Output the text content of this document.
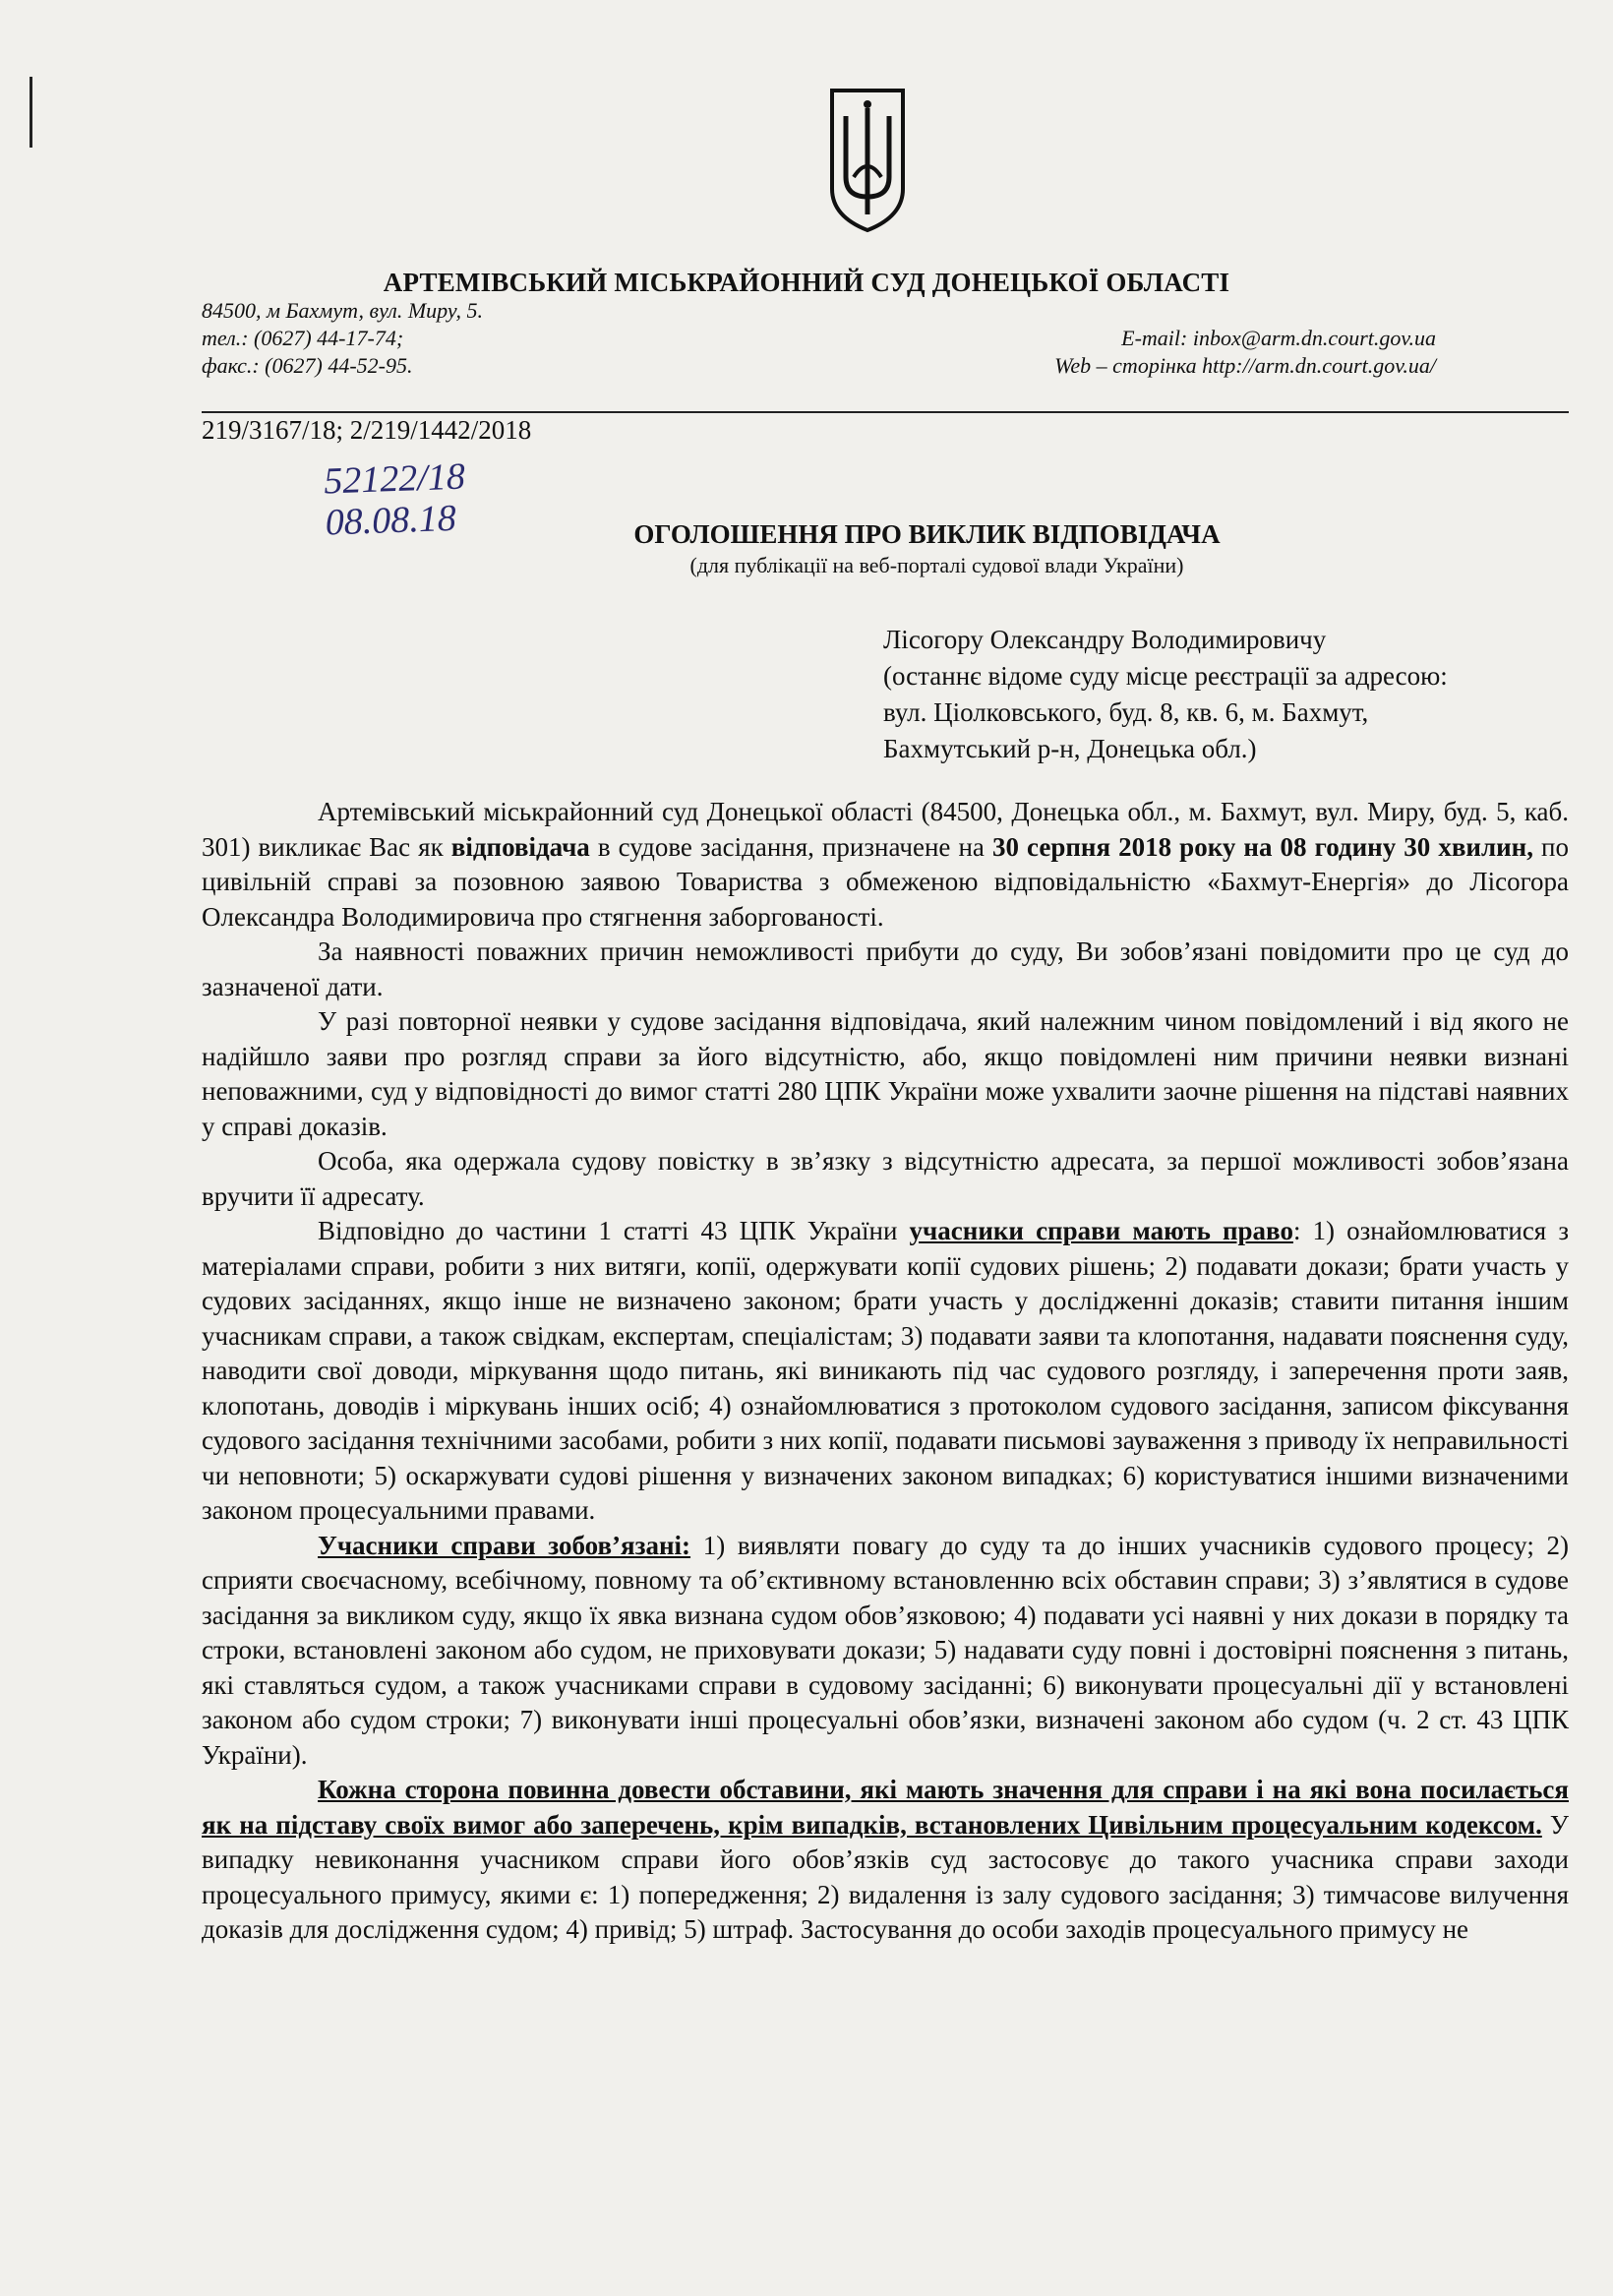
АРТЕМІВСЬКИЙ МІСЬКРАЙОННИЙ СУД ДОНЕЦЬКОЇ ОБЛАСТІ
84500, м Бахмут, вул. Миру, 5.
тел.: (0627) 44-17-74;
факс.: (0627) 44-52-95.
E-mail: inbox@arm.dn.court.gov.ua
Web – сторінка http://arm.dn.court.gov.ua/
219/3167/18; 2/219/1442/2018
52122/18
08.08.18	ОГОЛОШЕННЯ ПРО ВИКЛИК ВІДПОВІДАЧА
(для публікації на веб-порталі судової влади України)
Лісогору Олександру Володимировичу
(останнє відоме суду місце реєстрації за адресою:
вул. Ціолковського, буд. 8, кв. 6, м. Бахмут,
Бахмутський р-н, Донецька обл.)

Артемівський міськрайонний суд Донецької області (84500, Донецька обл., м. Бахмут, вул. Миру, буд. 5, каб. 301) викликає Вас як відповідача в судове засідання, призначене на 30 серпня 2018 року на 08 годину 30 хвилин, по цивільній справі за позовною заявою Товариства з обмеженою відповідальністю «Бахмут-Енергія» до Лісогора Олександра Володимировича про стягнення заборгованості.

За наявності поважних причин неможливості прибути до суду, Ви зобов’язані повідомити про це суд до зазначеної дати.

У разі повторної неявки у судове засідання відповідача, який належним чином повідомлений і від якого не надійшло заяви про розгляд справи за його відсутністю, або, якщо повідомлені ним причини неявки визнані неповажними, суд у відповідності до вимог статті 280 ЦПК України може ухвалити заочне рішення на підставі наявних у справі доказів.

Особа, яка одержала судову повістку в зв’язку з відсутністю адресата, за першої можливості зобов’язана вручити її адресату.

Відповідно до частини 1 статті 43 ЦПК України учасники справи мають право: 1) ознайомлюватися з матеріалами справи, робити з них витяги, копії, одержувати копії судових рішень; 2) подавати докази; брати участь у судових засіданнях, якщо інше не визначено законом; брати участь у дослідженні доказів; ставити питання іншим учасникам справи, а також свідкам, експертам, спеціалістам; 3) подавати заяви та клопотання, надавати пояснення суду, наводити свої доводи, міркування щодо питань, які виникають під час судового розгляду, і заперечення проти заяв, клопотань, доводів і міркувань інших осіб; 4) ознайомлюватися з протоколом судового засідання, записом фіксування судового засідання технічними засобами, робити з них копії, подавати письмові зауваження з приводу їх неправильності чи неповноти; 5) оскаржувати судові рішення у визначених законом випадках; 6) користуватися іншими визначеними законом процесуальними правами.

Учасники справи зобов’язані: 1) виявляти повагу до суду та до інших учасників судового процесу; 2) сприяти своєчасному, всебічному, повному та об’єктивному встановленню всіх обставин справи; 3) з’являтися в судове засідання за викликом суду, якщо їх явка визнана судом обов’язковою; 4) подавати усі наявні у них докази в порядку та строки, встановлені законом або судом, не приховувати докази; 5) надавати суду повні і достовірні пояснення з питань, які ставляться судом, а також учасниками справи в судовому засіданні; 6) виконувати процесуальні дії у встановлені законом або судом строки; 7) виконувати інші процесуальні обов’язки, визначені законом або судом (ч. 2 ст. 43 ЦПК України).

Кожна сторона повинна довести обставини, які мають значення для справи і на які вона посилається як на підставу своїх вимог або заперечень, крім випадків, встановлених Цивільним процесуальним кодексом. У випадку невиконання учасником справи його обов’язків суд застосовує до такого учасника справи заходи процесуального примусу, якими є: 1) попередження; 2) видалення із залу судового засідання; 3) тимчасове вилучення доказів для дослідження судом; 4) привід; 5) штраф. Застосування до особи заходів процесуального примусу не
